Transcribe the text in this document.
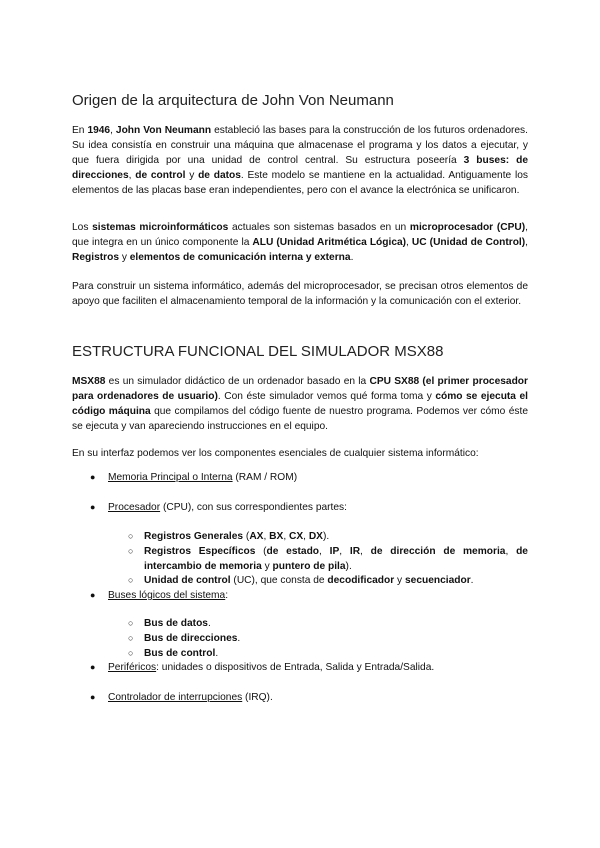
Origen de la arquitectura de John Von Neumann

En 1946, John Von Neumann estableció las bases para la construcción de los futuros ordenadores. Su idea consistía en construir una máquina que almacenase el programa y los datos a ejecutar, y que fuera dirigida por una unidad de control central. Su estructura poseería 3 buses: de direcciones, de control y de datos. Este modelo se mantiene en la actualidad. Antiguamente los elementos de las placas base eran independientes, pero con el avance la electrónica se unificaron.

Los sistemas microinformáticos actuales son sistemas basados en un microprocesador (CPU), que integra en un único componente la ALU (Unidad Aritmética Lógica), UC (Unidad de Control), Registros y elementos de comunicación interna y externa.

Para construir un sistema informático, además del microprocesador, se precisan otros elementos de apoyo que faciliten el almacenamiento temporal de la información y la comunicación con el exterior.

ESTRUCTURA FUNCIONAL DEL SIMULADOR MSX88

MSX88 es un simulador didáctico de un ordenador basado en la CPU SX88 (el primer procesador para ordenadores de usuario). Con éste simulador vemos qué forma toma y cómo se ejecuta el código máquina que compilamos del código fuente de nuestro programa. Podemos ver cómo éste se ejecuta y van apareciendo instrucciones en el equipo.

En su interfaz podemos ver los componentes esenciales de cualquier sistema informático:

● Memoria Principal o Interna (RAM / ROM)
● Procesador (CPU), con sus correspondientes partes:
○ Registros Generales (AX, BX, CX, DX).
○ Registros Específicos (de estado, IP, IR, de dirección de memoria, de intercambio de memoria y puntero de pila).
○ Unidad de control (UC), que consta de decodificador y secuenciador.
● Buses lógicos del sistema:
○ Bus de datos.
○ Bus de direcciones.
○ Bus de control.
● Periféricos: unidades o dispositivos de Entrada, Salida y Entrada/Salida.
● Controlador de interrupciones (IRQ).
